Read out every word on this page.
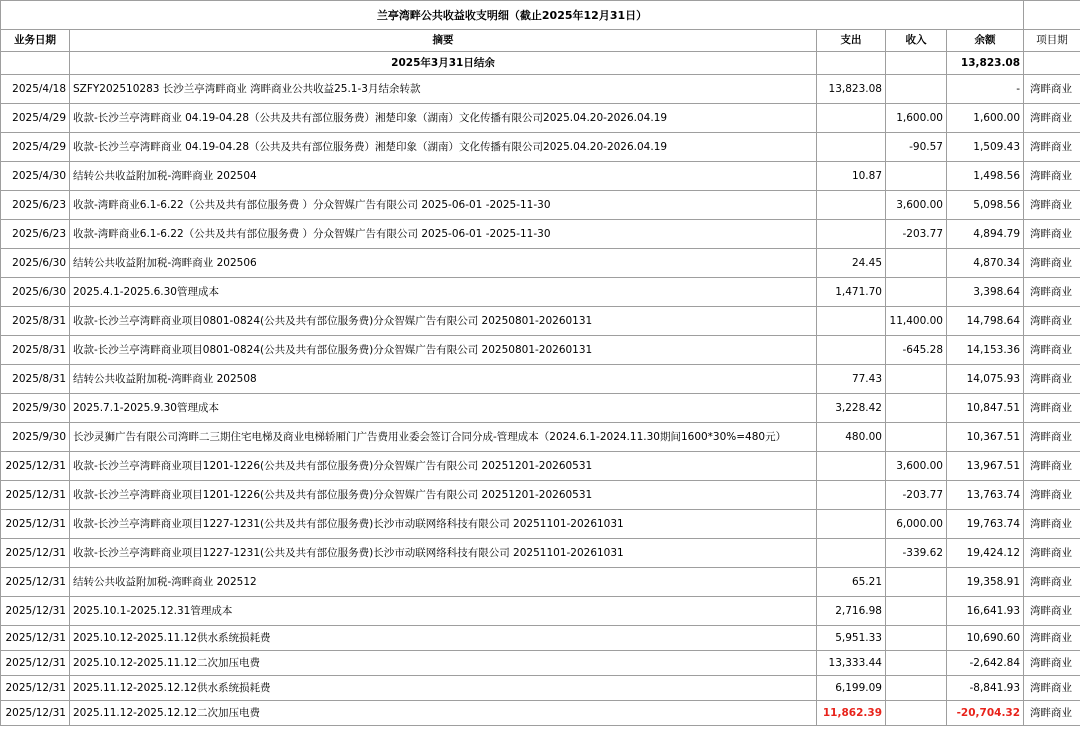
兰亭湾畔公共收益收支明细（截止2025年12月31日）					
业务日期	摘要	支出	收入	余额	项目期
	2025年3月31日结余			13,823.08	
2025/4/18	SZFY202510283 长沙兰亭湾畔商业 湾畔商业公共收益25.1-3月结余转款	13,823.08		-	湾畔商业
2025/4/29	收款-长沙兰亭湾畔商业 04.19-04.28（公共及共有部位服务费）湘楚印象（湖南）文化传播有限公司2025.04.20-2026.04.19		1,600.00	1,600.00	湾畔商业
2025/4/29	收款-长沙兰亭湾畔商业 04.19-04.28（公共及共有部位服务费）湘楚印象（湖南）文化传播有限公司2025.04.20-2026.04.19		-90.57	1,509.43	湾畔商业
2025/4/30	结转公共收益附加税-湾畔商业 202504	10.87		1,498.56	湾畔商业
2025/6/23	收款-湾畔商业6.1-6.22（公共及共有部位服务费 ）分众智媒广告有限公司 2025-06-01 -2025-11-30		3,600.00	5,098.56	湾畔商业
2025/6/23	收款-湾畔商业6.1-6.22（公共及共有部位服务费 ）分众智媒广告有限公司 2025-06-01 -2025-11-30		-203.77	4,894.79	湾畔商业
2025/6/30	结转公共收益附加税-湾畔商业 202506	24.45		4,870.34	湾畔商业
2025/6/30	2025.4.1-2025.6.30管理成本	1,471.70		3,398.64	湾畔商业
2025/8/31	收款-长沙兰亭湾畔商业项目0801-0824(公共及共有部位服务费)分众智媒广告有限公司 20250801-20260131		11,400.00	14,798.64	湾畔商业
2025/8/31	收款-长沙兰亭湾畔商业项目0801-0824(公共及共有部位服务费)分众智媒广告有限公司 20250801-20260131		-645.28	14,153.36	湾畔商业
2025/8/31	结转公共收益附加税-湾畔商业 202508	77.43		14,075.93	湾畔商业
2025/9/30	2025.7.1-2025.9.30管理成本	3,228.42		10,847.51	湾畔商业
2025/9/30	长沙灵狮广告有限公司湾畔二三期住宅电梯及商业电梯轿厢门广告费用业委会签订合同分成-管理成本（2024.6.1-2024.11.30期间1600*30%=480元）	480.00		10,367.51	湾畔商业
2025/12/31	收款-长沙兰亭湾畔商业项目1201-1226(公共及共有部位服务费)分众智媒广告有限公司 20251201-20260531		3,600.00	13,967.51	湾畔商业
2025/12/31	收款-长沙兰亭湾畔商业项目1201-1226(公共及共有部位服务费)分众智媒广告有限公司 20251201-20260531		-203.77	13,763.74	湾畔商业
2025/12/31	收款-长沙兰亭湾畔商业项目1227-1231(公共及共有部位服务费)长沙市动联网络科技有限公司 20251101-20261031		6,000.00	19,763.74	湾畔商业
2025/12/31	收款-长沙兰亭湾畔商业项目1227-1231(公共及共有部位服务费)长沙市动联网络科技有限公司 20251101-20261031		-339.62	19,424.12	湾畔商业
2025/12/31	结转公共收益附加税-湾畔商业 202512	65.21		19,358.91	湾畔商业
2025/12/31	2025.10.1-2025.12.31管理成本	2,716.98		16,641.93	湾畔商业
2025/12/31	2025.10.12-2025.11.12供水系统损耗费	5,951.33		10,690.60	湾畔商业
2025/12/31	2025.10.12-2025.11.12二次加压电费	13,333.44		-2,642.84	湾畔商业
2025/12/31	2025.11.12-2025.12.12供水系统损耗费	6,199.09		-8,841.93	湾畔商业
2025/12/31	2025.11.12-2025.12.12二次加压电费	11,862.39		-20,704.32	湾畔商业
